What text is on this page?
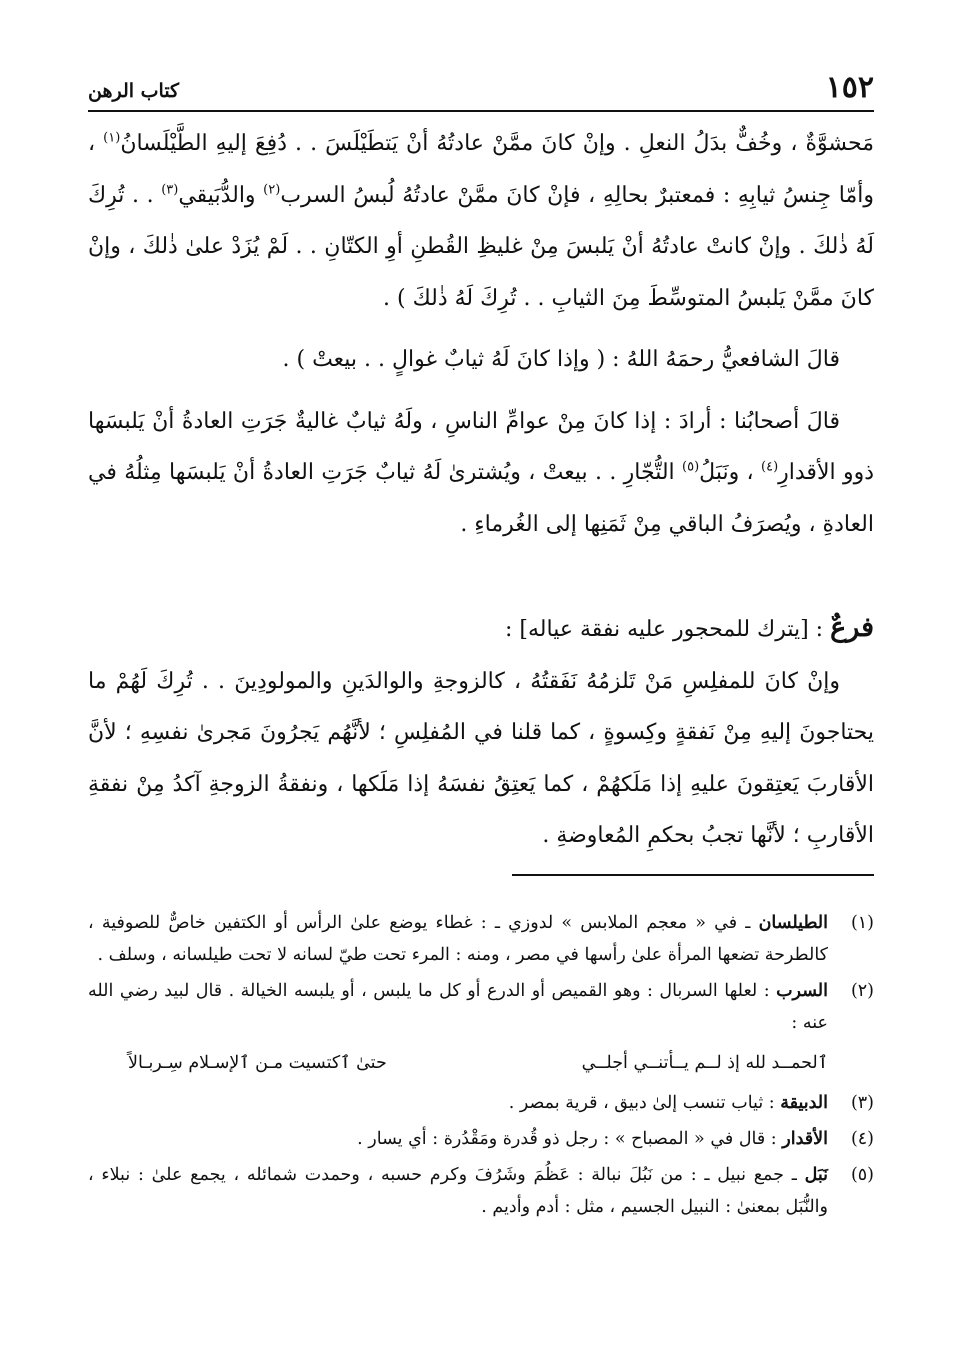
١٥٢
كتاب الرهن

مَحشوَّةٌ ، وخُفٌّ بدَلُ النعلِ . وإنْ كانَ ممَّنْ عادتُهُ أنْ يَتطَيْلَسَ . . دُفِعَ إليهِ الطَّيْلَسانُ$^{(١)}$ ، وأمّا جِنسُ ثيابِهِ : فمعتبرٌ بحالِهِ ، فإنْ كانَ ممَّنْ عادتُهُ لُبسُ السرب$^{(٢)}$ والدُّبَيقي$^{(٣)}$ . . تُرِكَ لَهُ ذٰلكَ . وإنْ كانتْ عادتُهُ أنْ يَلبسَ مِنْ غليظِ القُطنِ أوِ الكتّانِ . . لَمْ يُزَدْ علىٰ ذٰلكَ ، وإنْ كانَ ممَّنْ يَلبسُ المتوسِّطَ مِنَ الثيابِ . . تُرِكَ لَهُ ذٰلكَ ) .

قالَ الشافعيُّ رحمَهُ اللهُ : ( وإذا كانَ لَهُ ثيابٌ غوالٍ . . بيعتْ ) .

قالَ أصحابُنا : أرادَ : إذا كانَ مِنْ عوامِّ الناسِ ، ولَهُ ثيابٌ غاليةٌ جَرَتِ العادةُ أنْ يَلبسَها ذوو الأقدارِ$^{(٤)}$ ، ونَبَلُ$^{(٥)}$ التُّجّارِ . . بيعتْ ، ويُشترىٰ لَهُ ثيابٌ جَرَتِ العادةُ أنْ يَلبسَها مِثلُهُ في العادةِ ، ويُصرَفُ الباقي مِنْ ثَمَنِها إلى الغُرماءِ .

فرعٌ : [يترك للمحجور عليه نفقة عياله] :

وإنْ كانَ للمفلِسِ مَنْ تَلزمُهُ نَفَقتُهُ ، كالزوجةِ والوالدَينِ والمولودِينَ . . تُرِكَ لَهُمْ ما يحتاجونَ إليهِ مِنْ نَفقةٍ وكِسوةٍ ، كما قلنا في المُفلِسِ ؛ لأنَّهُم يَجرُونَ مَجرىٰ نفسِهِ ؛ لأنَّ الأقاربَ يَعتِقونَ عليهِ إذا مَلَكهُمْ ، كما يَعتِقُ نفسَهُ إذا مَلَكها ، ونفقةُ الزوجةِ آكدُ مِنْ نفقةِ الأقاربِ ؛ لأنَّها تجبُ بحكمِ المُعاوضةِ .

(١)
الطيلسان ـ في « معجم الملابس » لدوزي ـ : غطاء يوضع علىٰ الرأس أو الكتفين خاصٌّ للصوفية ، كالطرحة تضعها المرأة علىٰ رأسها في مصر ، ومنه : المرء تحت طيّ لسانه لا تحت طيلسانه ، وسلف .
(٢)
السرب : لعلها السربال : وهو القميص أو الدرع أو كل ما يلبس ، أو يلبسه الخيالة . قال لبيد رضي الله عنه :
ٱلحمــد لله إذ لــم يــأتنــي أجلــي
حتىٰ ٱكتسيت مـن ٱلإسـلام سِـربـالاً
(٣)
الدبيقة : ثياب تنسب إلىٰ دبيق ، قرية بمصر .
(٤)
الأقدار : قال في « المصباح » : رجل ذو قُدرة ومَقْدُرة : أي يسار .
(٥)
نَبَل ـ جمع نبيل ـ : من نَبُلَ نبالة : عَظُمَ وشَرُفَ وكرم حسبه ، وحمدت شمائله ، يجمع علىٰ : نبلاء ، والنُّبَل بمعنىٰ : النبيل الجسيم ، مثل : أدم وأديم .
